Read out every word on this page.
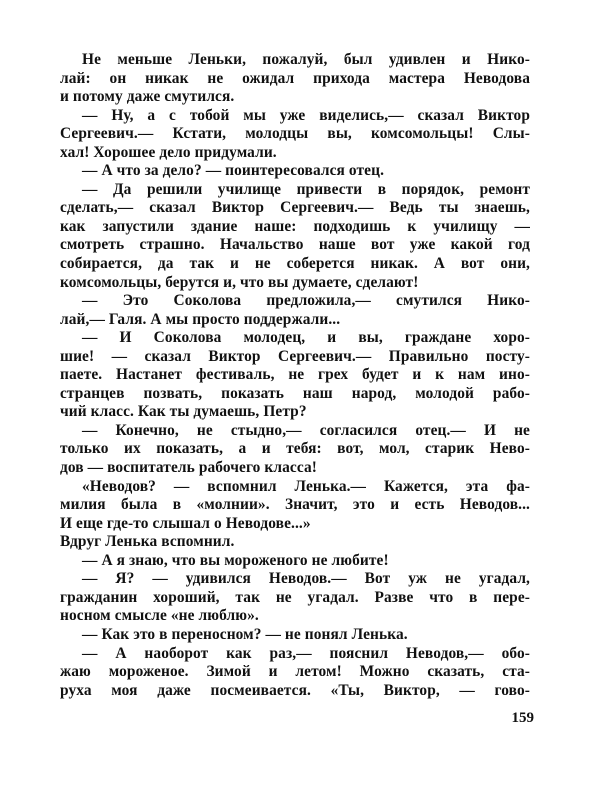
Не меньше Леньки, пожалуй, был удивлен и Нико-
лай: он никак не ожидал прихода мастера Неводова
и потому даже смутился.
— Ну, а с тобой мы уже виделись,— сказал Виктор
Сергеевич.— Кстати, молодцы вы, комсомольцы! Слы-
хал! Хорошее дело придумали.
— А что за дело? — поинтересовался отец.
— Да решили училище привести в порядок, ремонт
сделать,— сказал Виктор Сергеевич.— Ведь ты знаешь,
как запустили здание наше: подходишь к училищу —
смотреть страшно. Начальство наше вот уже какой год
собирается, да так и не соберется никак. А вот они,
комсомольцы, берутся и, что вы думаете, сделают!
— Это Соколова предложила,— смутился Нико-
лай,— Галя. А мы просто поддержали...
— И Соколова молодец, и вы, граждане хоро-
шие! — сказал Виктор Сергеевич.— Правильно посту-
паете. Настанет фестиваль, не грех будет и к нам ино-
странцев позвать, показать наш народ, молодой рабо-
чий класс. Как ты думаешь, Петр?
— Конечно, не стыдно,— согласился отец.— И не
только их показать, а и тебя: вот, мол, старик Нево-
дов — воспитатель рабочего класса!
«Неводов? — вспомнил Ленька.— Кажется, эта фа-
милия была в «молнии». Значит, это и есть Неводов...
И еще где-то слышал о Неводове...»
Вдруг Ленька вспомнил.
— А я знаю, что вы мороженого не любите!
— Я? — удивился Неводов.— Вот уж не угадал,
гражданин хороший, так не угадал. Разве что в пере-
носном смысле «не люблю».
— Как это в переносном? — не понял Ленька.
— А наоборот как раз,— пояснил Неводов,— обо-
жаю мороженое. Зимой и летом! Можно сказать, ста-
руха моя даже посмеивается. «Ты, Виктор, — гово-
159
